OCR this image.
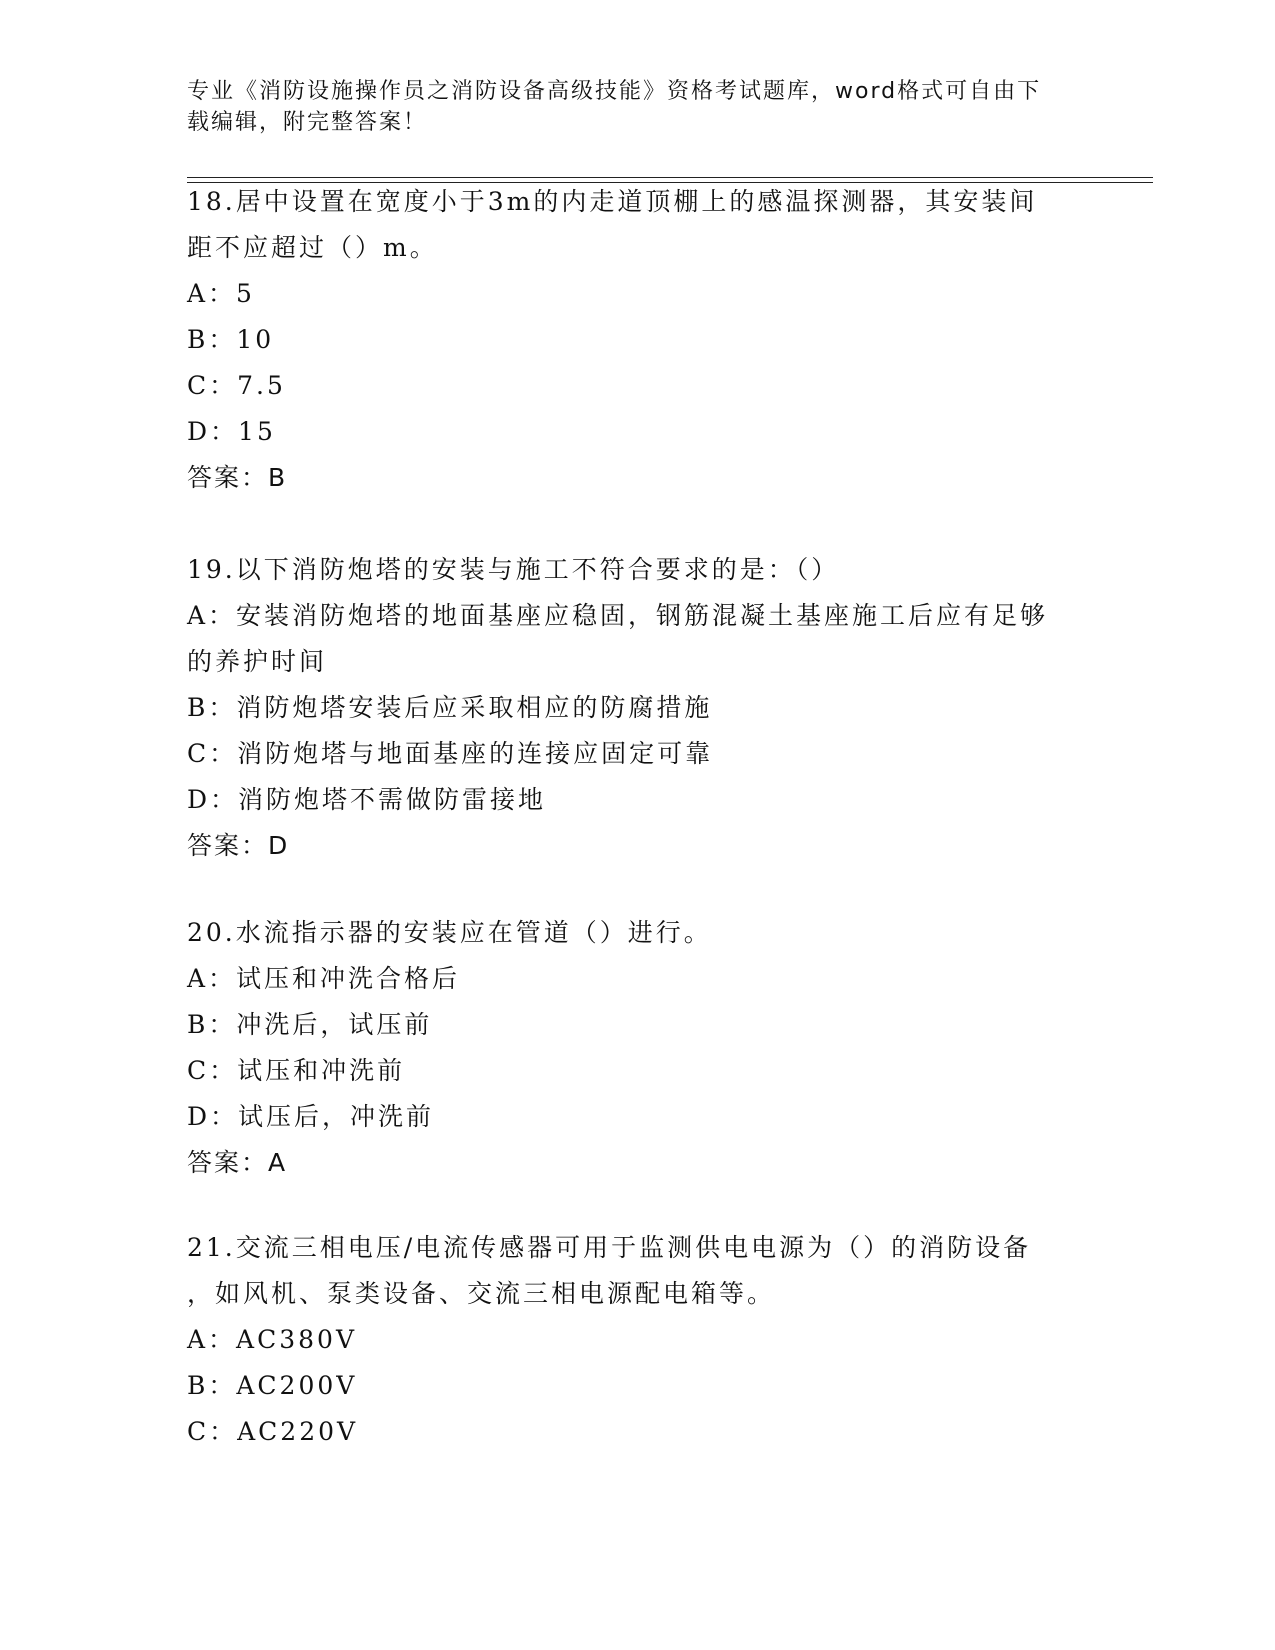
专业《消防设施操作员之消防设备高级技能》资格考试题库，word格式可自由下
载编辑，附完整答案！
18.居中设置在宽度小于3m的内走道顶棚上的感温探测器，其安装间
距不应超过（）m。
A：5
B：10
C：7.5
D：15
答案：B
19.以下消防炮塔的安装与施工不符合要求的是：（）
A：安装消防炮塔的地面基座应稳固，钢筋混凝土基座施工后应有足够
的养护时间
B：消防炮塔安装后应采取相应的防腐措施
C：消防炮塔与地面基座的连接应固定可靠
D：消防炮塔不需做防雷接地
答案：D
20.水流指示器的安装应在管道（）进行。
A：试压和冲洗合格后
B：冲洗后，试压前
C：试压和冲洗前
D：试压后，冲洗前
答案：A
21.交流三相电压/电流传感器可用于监测供电电源为（）的消防设备
，如风机、泵类设备、交流三相电源配电箱等。
A：AC380V
B：AC200V
C：AC220V
